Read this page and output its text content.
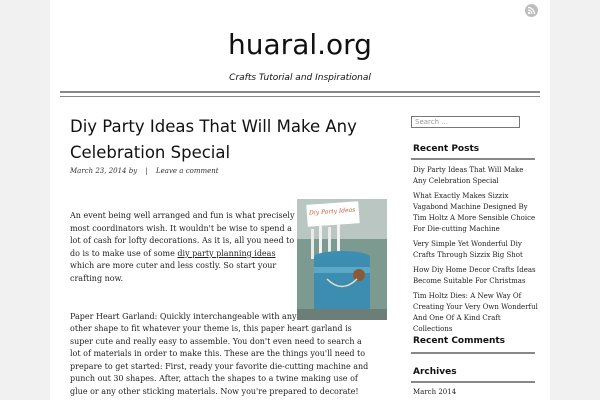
huaral.org
Crafts Tutorial and Inspirational
Diy Party Ideas That Will Make Any Celebration Special
March 23, 2014 by | Leave a comment
Diy Party Ideas
An event being well arranged and fun is what precisely most coordinators wish. It wouldn't be wise to spend a lot of cash for lofty decorations. As it is, all you need to do is to make use of some diy party planning ideas which are more cuter and less costly. So start your crafting now.
Paper Heart Garland: Quickly interchangeable with any
other shape to fit whatever your theme is, this paper heart garland is super cute and really easy to assemble. You don't even need to search a lot of materials in order to make this. These are the things you'll need to prepare to get started: First, ready your favorite die-cutting machine and punch out 30 shapes. After, attach the shapes to a twine making use of glue or any other sticking materials. Now you're prepared to decorate!
Search ...
Recent Posts
Diy Party Ideas That Will Make Any Celebration Special
What Exactly Makes Sizzix Vagabond Machine Designed By Tim Holtz A More Sensible Choice For Die-cutting Machine
Very Simple Yet Wonderful Diy Crafts Through Sizzix Big Shot
How Diy Home Decor Crafts Ideas Become Suitable For Christmas
Tim Holtz Dies: A New Way Of Creating Your Very Own Wonderful And One Of A Kind Craft Collections
Recent Comments
Archives
March 2014
